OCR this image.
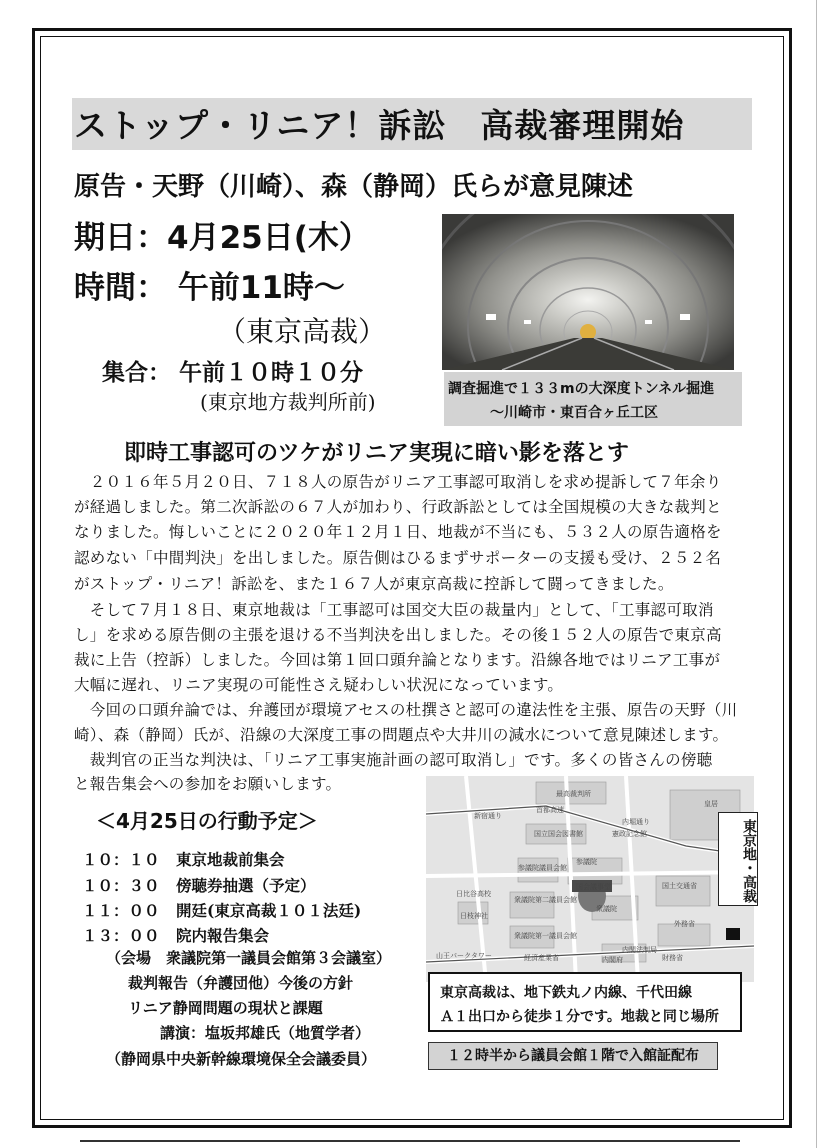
ストップ・リニア！訴訟　高裁審理開始
原告・天野（川崎）、森（静岡）氏らが意見陳述
期日：4月25日(木）
時間： 午前11時～
（東京高裁）
集合： 午前１０時１０分
(東京地方裁判所前)
調査掘進で１３３mの大深度トンネル掘進
～川崎市・東百合ヶ丘工区
即時工事認可のツケがリニア実現に暗い影を落とす
　２０１６年５月２０日、７１８人の原告がリニア工事認可取消しを求め提訴して７年余り
が経過しました。第二次訴訟の６７人が加わり、行政訴訟としては全国規模の大きな裁判と
なりました。悔しいことに２０２０年１２月１日、地裁が不当にも、５３２人の原告適格を
認めない「中間判決」を出しました。原告側はひるまずサポーターの支援も受け、２５２名
がストップ・リニア！訴訟を、また１６７人が東京高裁に控訴して闘ってきました。
　そして７月１８日、東京地裁は「工事認可は国交大臣の裁量内」として、「工事認可取消
し」を求める原告側の主張を退ける不当判決を出しました。その後１５２人の原告で東京高
裁に上告（控訴）しました。今回は第１回口頭弁論となります。沿線各地ではリニア工事が
大幅に遅れ、リニア実現の可能性さえ疑わしい状況になっています。
　今回の口頭弁論では、弁護団が環境アセスの杜撰さと認可の違法性を主張、原告の天野（川
崎）、森（静岡）氏が、沿線の大深度工事の問題点や大井川の減水について意見陳述します。
　裁判官の正当な判決は、「リニア工事実施計画の認可取消し」です。多くの皆さんの傍聴
と報告集会への参加をお願いします。
＜4月25日の行動予定＞
１０：１０ 東京地裁前集会
１０：３０ 傍聴券抽選（予定）
１１：００ 開廷(東京高裁１０１法廷)
１３：００ 院内報告集会
（会場　衆議院第一議員会館第３会議室）
裁判報告（弁護団他）今後の方針
リニア静岡問題の現状と課題
講演：塩坂邦雄氏（地質学者）
（静岡県中央新幹線環境保全会議委員）
最高裁判所
皇居
新宿通り
首都高速
内堀通り
国立国会図書館	憲政記念館
参議院議員会館
参議院
国会議事堂
日比谷高校
衆議院第二議員会館
日枝神社
衆議院第一議員会館
衆議院
国土交通省
外務省
山王パークタワー	経済産業省	内閣府
内閣法制局
財務省
東京地・高裁
東京高裁は、地下鉄丸ノ内線、千代田線
Ａ１出口から徒歩１分です。地裁と同じ場所
１２時半から議員会館１階で入館証配布
